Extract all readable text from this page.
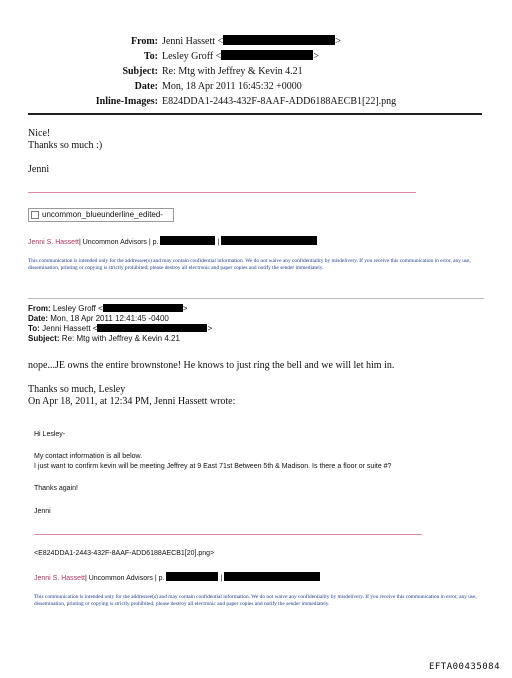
From: Jenni Hassett <	>
To: Lesley Groff <	>
Subject: Re: Mtg with Jeffrey & Kevin 4.21
Date: Mon, 18 Apr 2011 16:45:32 +0000
Inline-Images: E824DDA1-2443-432F-8AAF-ADD6188AECB1[22].png
Nice!
Thanks so much :)
Jenni
uncommon_blueunderline_edited-
Jenni S. Hassett| Uncommon Advisors | p.	|
This communication is intended only for the addressee(s) and may contain confidential information. We do not waive any confidentiality by misdelivery. If you receive this communication in error, any use, dissemination, printing or copying is strictly prohibited; please destroy all electronic and paper copies and notify the sender immediately.
From: Lesley Groff <	>
Date: Mon, 18 Apr 2011 12:41:45 -0400
To: Jenni Hassett <	>
Subject: Re: Mtg with Jeffrey & Kevin 4.21
nope...JE owns the entire brownstone! He knows to just ring the bell and we will let him in.
Thanks so much, Lesley
On Apr 18, 2011, at 12:34 PM, Jenni Hassett wrote:
Hi Lesley-
My contact information is all below.
I just want to confirm kevin will be meeting Jeffrey at 9 East 71st Between 5th & Madison. Is there a floor or suite #?
Thanks again!
Jenni
<E824DDA1-2443-432F-8AAF-ADD6188AECB1[20].png>
Jenni S. Hassett| Uncommon Advisors | p.	|
This communication is intended only for the addressee(s) and may contain confidential information. We do not waive any confidentiality by misdelivery. If you receive this communication in error, any use, dissemination, printing or copying is strictly prohibited; please destroy all electronic and paper copies and notify the sender immediately.
EFTA00435084
